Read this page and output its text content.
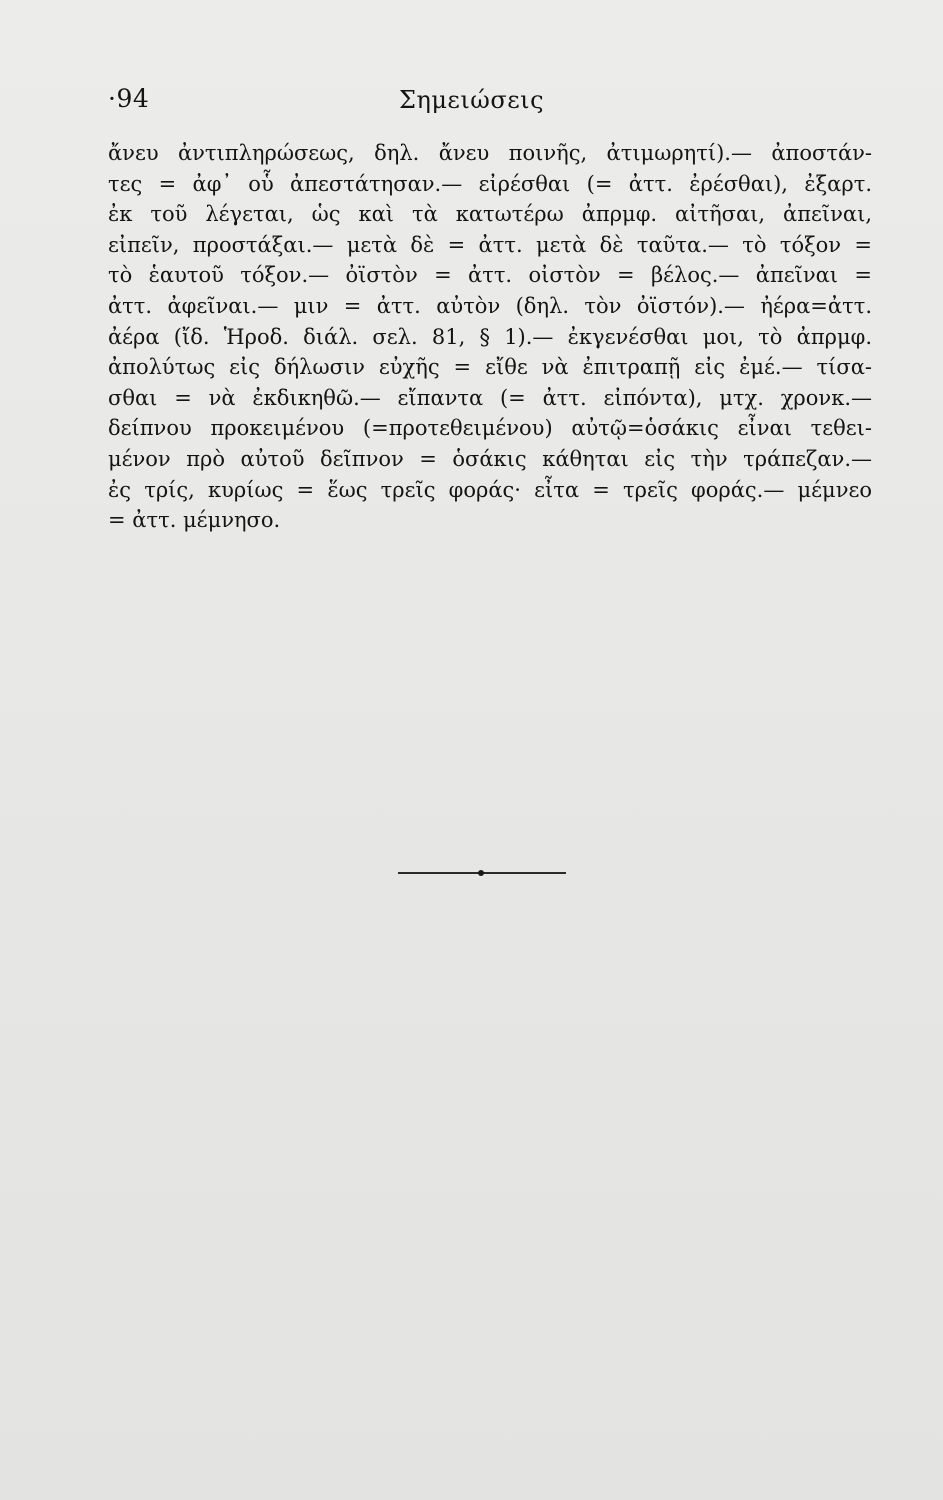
·94	Σημειώσεις
ἄνευ ἀντιπληρώσεως, δηλ. ἄνευ ποινῆς, ἀτιμωρητί).— ἀποστάν-
τες = ἀφ᾽ οὗ ἀπεστάτησαν.— εἰρέσθαι (= ἀττ. ἐρέσθαι), ἐξαρτ.
ἐκ τοῦ λέγεται, ὡς καὶ τὰ κατωτέρω ἀπρμφ. αἰτῆσαι, ἀπεῖναι,
εἰπεῖν, προστάξαι.— μετὰ δὲ = ἀττ. μετὰ δὲ ταῦτα.— τὸ τόξον =
τὸ ἑαυτοῦ τόξον.— ὀϊστὸν = ἀττ. οἰστὸν = βέλος.— ἀπεῖναι =
ἀττ. ἀφεῖναι.— μιν = ἀττ. αὐτὸν (δηλ. τὸν ὀϊστόν).— ἠέρα=ἀττ.
ἀέρα (ἴδ. Ἡροδ. διάλ. σελ. 81, § 1).— ἐκγενέσθαι μοι, τὸ ἀπρμφ.
ἀπολύτως εἰς δήλωσιν εὐχῆς = εἴθε νὰ ἐπιτραπῇ εἰς ἐμέ.— τίσα-
σθαι = νὰ ἐκδικηθῶ.— εἴπαντα (= ἀττ. εἰπόντα), μτχ. χρονκ.—
δείπνου προκειμένου (=προτεθειμένου) αὐτῷ=ὁσάκις εἶναι τεθει-
μένον πρὸ αὐτοῦ δεῖπνον = ὁσάκις κάθηται εἰς τὴν τράπεζαν.—
ἐς τρίς, κυρίως = ἕως τρεῖς φοράς· εἶτα = τρεῖς φοράς.— μέμνεο
= ἀττ. μέμνησο.
